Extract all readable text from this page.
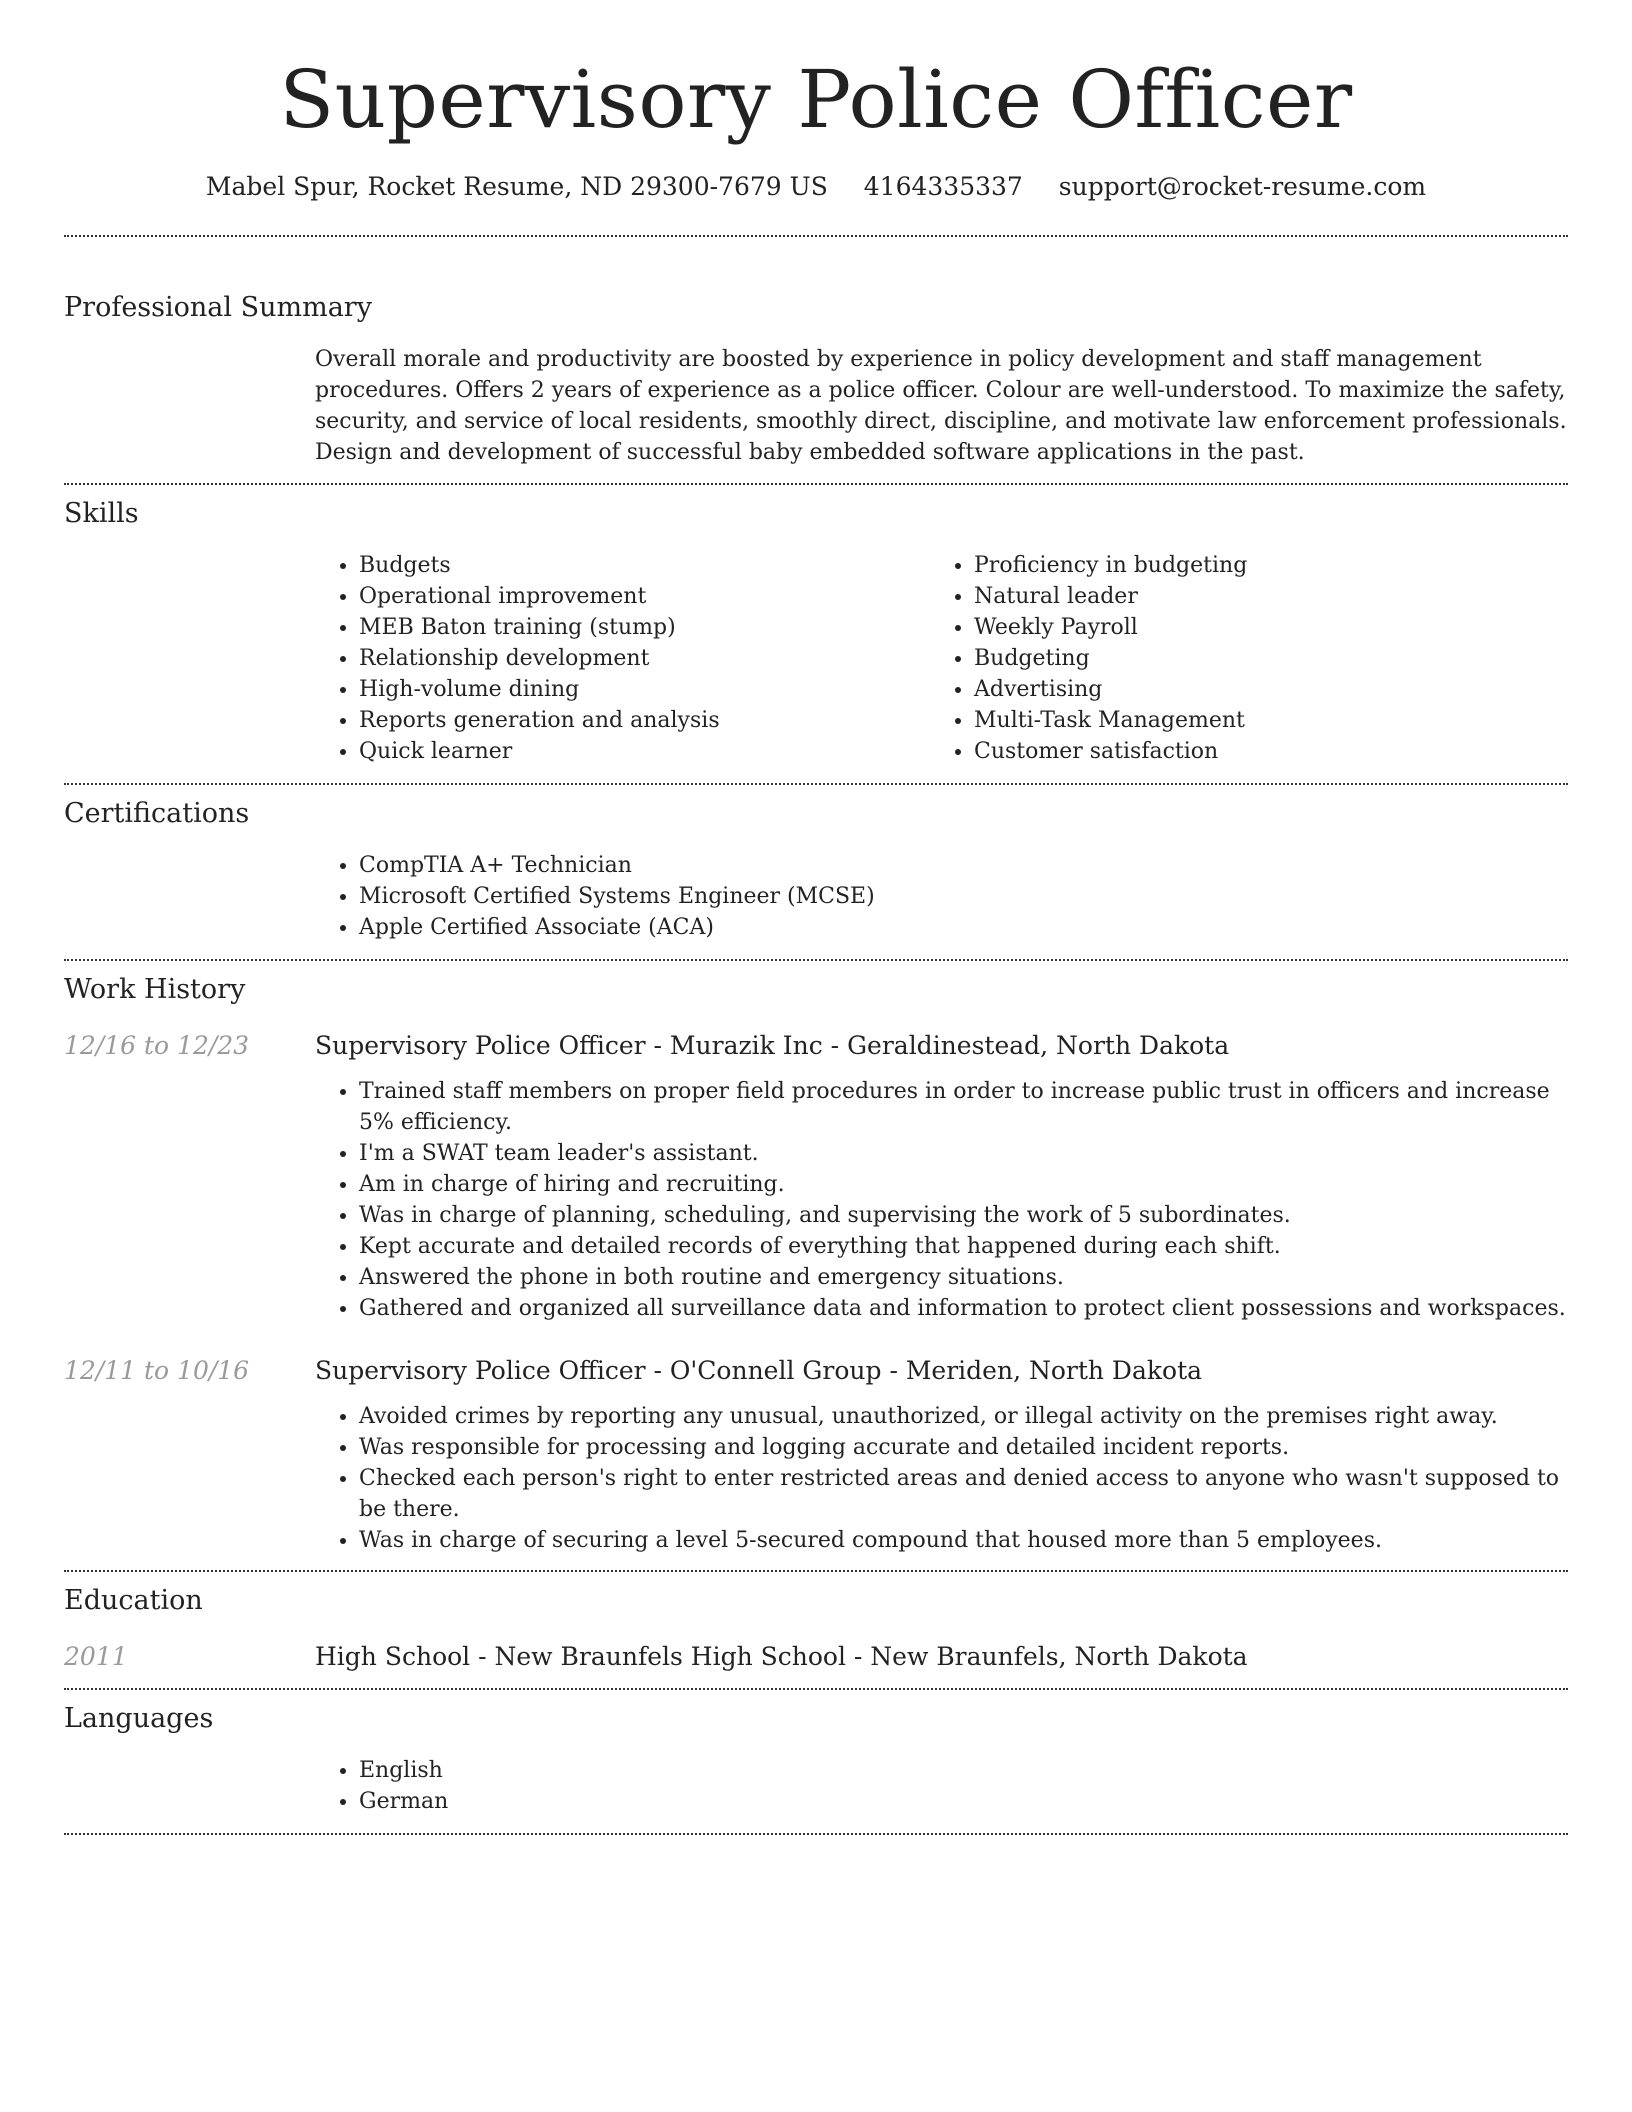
Supervisory Police Officer
Mabel Spur, Rocket Resume, ND 29300-7679 US 4164335337 support@rocket-resume.com
Professional Summary

Overall morale and productivity are boosted by experience in policy development and staff management procedures. Offers 2 years of experience as a police officer. Colour are well-understood. To maximize the safety, security, and service of local residents, smoothly direct, discipline, and motivate law enforcement professionals. Design and development of successful baby embedded software applications in the past.

Skills
• Budgets
• Operational improvement
• MEB Baton training (stump)
• Relationship development
• High-volume dining
• Reports generation and analysis
• Quick learner
• Proficiency in budgeting
• Natural leader
• Weekly Payroll
• Budgeting
• Advertising
• Multi-Task Management
• Customer satisfaction
Certifications
• CompTIA A+ Technician
• Microsoft Certified Systems Engineer (MCSE)
• Apple Certified Associate (ACA)
Work History
12/16 to 12/23	Supervisory Police Officer - Murazik Inc - Geraldinestead, North Dakota
• Trained staff members on proper field procedures in order to increase public trust in officers and increase 5% efficiency.
• I'm a SWAT team leader's assistant.
• Am in charge of hiring and recruiting.
• Was in charge of planning, scheduling, and supervising the work of 5 subordinates.
• Kept accurate and detailed records of everything that happened during each shift.
• Answered the phone in both routine and emergency situations.
• Gathered and organized all surveillance data and information to protect client possessions and workspaces.
12/11 to 10/16	Supervisory Police Officer - O'Connell Group - Meriden, North Dakota
• Avoided crimes by reporting any unusual, unauthorized, or illegal activity on the premises right away.
• Was responsible for processing and logging accurate and detailed incident reports.
• Checked each person's right to enter restricted areas and denied access to anyone who wasn't supposed to be there.
• Was in charge of securing a level 5-secured compound that housed more than 5 employees.
Education
2011	High School - New Braunfels High School - New Braunfels, North Dakota
Languages
• English
• German
